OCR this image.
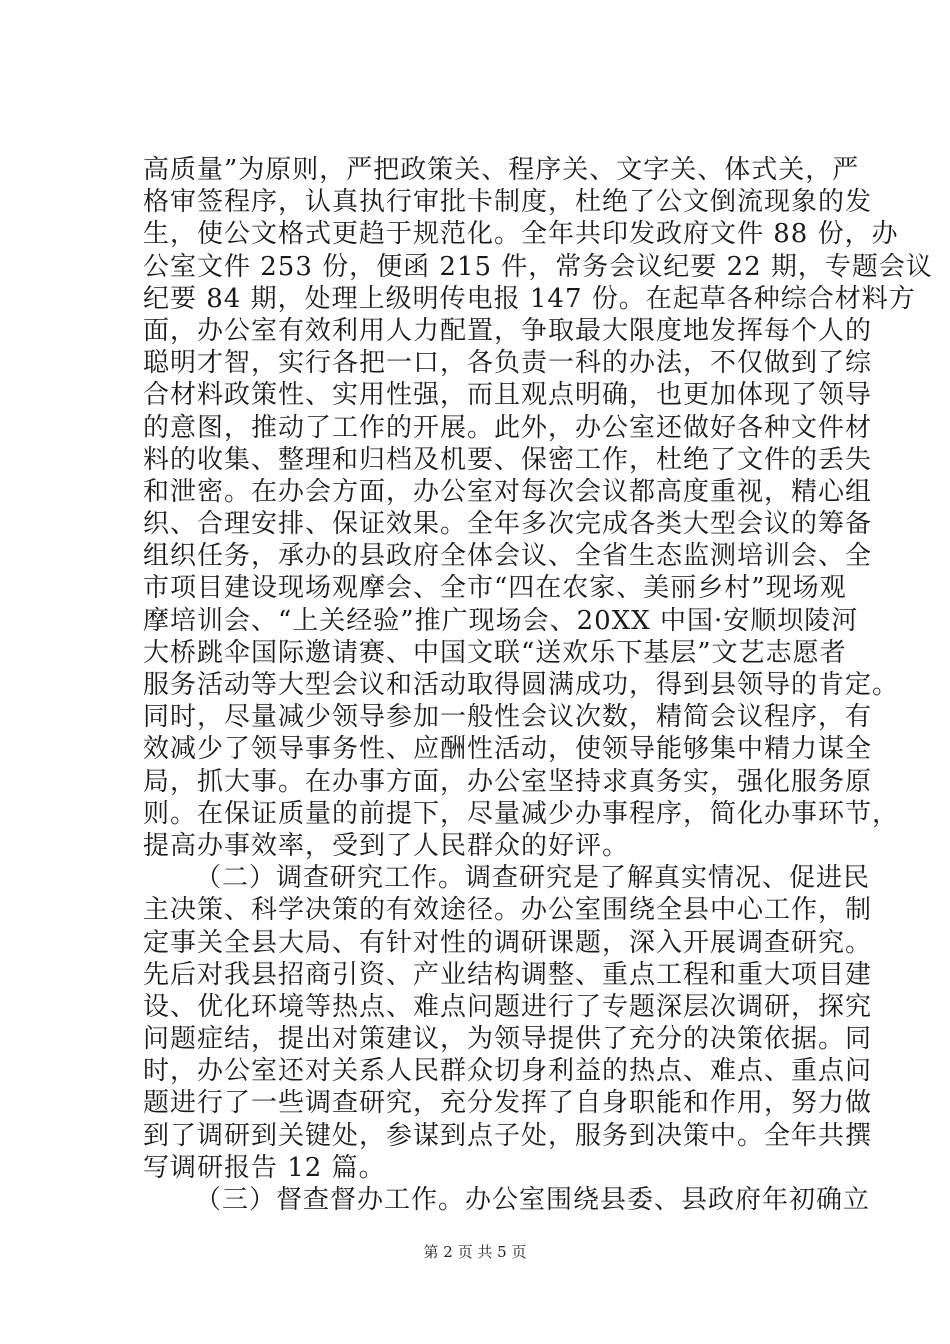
高质量”为原则，严把政策关、程序关、文字关、体式关，严
格审签程序，认真执行审批卡制度，杜绝了公文倒流现象的发
生，使公文格式更趋于规范化。全年共印发政府文件 88 份，办
公室文件 253 份，便函 215 件，常务会议纪要 22 期，专题会议
纪要 84 期，处理上级明传电报 147 份。在起草各种综合材料方
面，办公室有效利用人力配置，争取最大限度地发挥每个人的
聪明才智，实行各把一口，各负责一科的办法，不仅做到了综
合材料政策性、实用性强，而且观点明确，也更加体现了领导
的意图，推动了工作的开展。此外，办公室还做好各种文件材
料的收集、整理和归档及机要、保密工作，杜绝了文件的丢失
和泄密。在办会方面，办公室对每次会议都高度重视，精心组
织、合理安排、保证效果。全年多次完成各类大型会议的筹备
组织任务，承办的县政府全体会议、全省生态监测培训会、全
市项目建设现场观摩会、全市“四在农家、美丽乡村”现场观
摩培训会、“上关经验”推广现场会、20XX 中国·安顺坝陵河
大桥跳伞国际邀请赛、中国文联“送欢乐下基层”文艺志愿者
服务活动等大型会议和活动取得圆满成功，得到县领导的肯定。
同时，尽量减少领导参加一般性会议次数，精简会议程序，有
效减少了领导事务性、应酬性活动，使领导能够集中精力谋全
局，抓大事。在办事方面，办公室坚持求真务实，强化服务原
则。在保证质量的前提下，尽量减少办事程序，简化办事环节，
提高办事效率，受到了人民群众的好评。
（二）调查研究工作。调查研究是了解真实情况、促进民
主决策、科学决策的有效途径。办公室围绕全县中心工作，制
定事关全县大局、有针对性的调研课题，深入开展调查研究。
先后对我县招商引资、产业结构调整、重点工程和重大项目建
设、优化环境等热点、难点问题进行了专题深层次调研，探究
问题症结，提出对策建议，为领导提供了充分的决策依据。同
时，办公室还对关系人民群众切身利益的热点、难点、重点问
题进行了一些调查研究，充分发挥了自身职能和作用，努力做
到了调研到关键处，参谋到点子处，服务到决策中。全年共撰
写调研报告 12 篇。
（三）督查督办工作。办公室围绕县委、县政府年初确立
第 2 页 共 5 页
